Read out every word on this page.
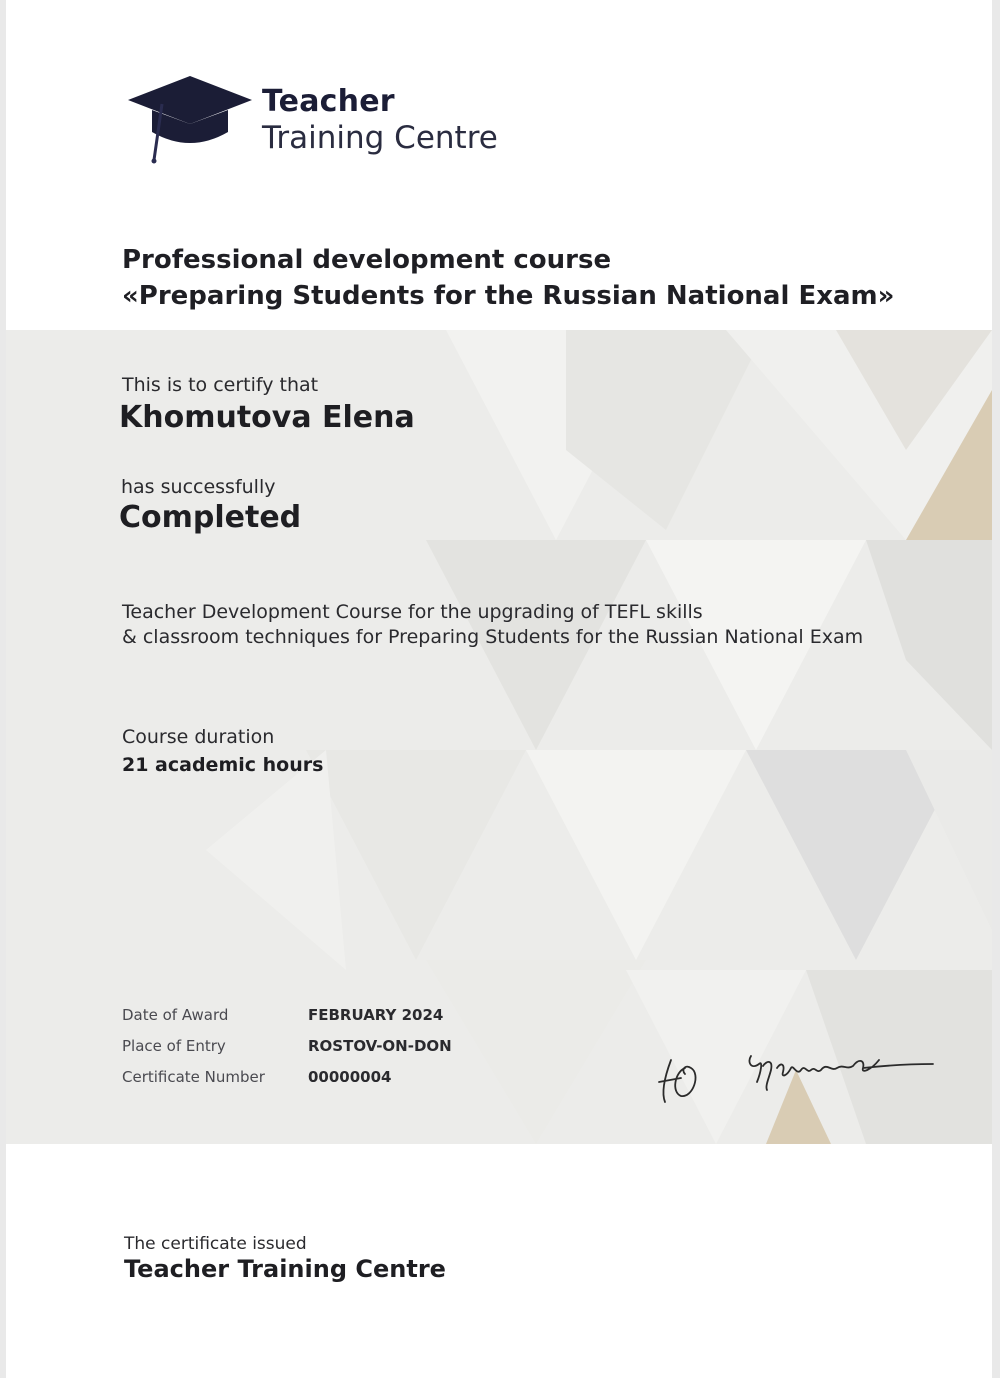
Teacher
Training Centre
Professional development course
«Preparing Students for the Russian National Exam»
This is to certify that
Khomutova Elena
has successfully
Completed
Teacher Development Course for the upgrading of TEFL skills
& classroom techniques for Preparing Students for the Russian National Exam
Course duration
21 academic hours
Date of Award	FEBRUARY 2024
Place of Entry	ROSTOV-ON-DON
Certificate Number	00000004
The certificate issued
Teacher Training Centre
